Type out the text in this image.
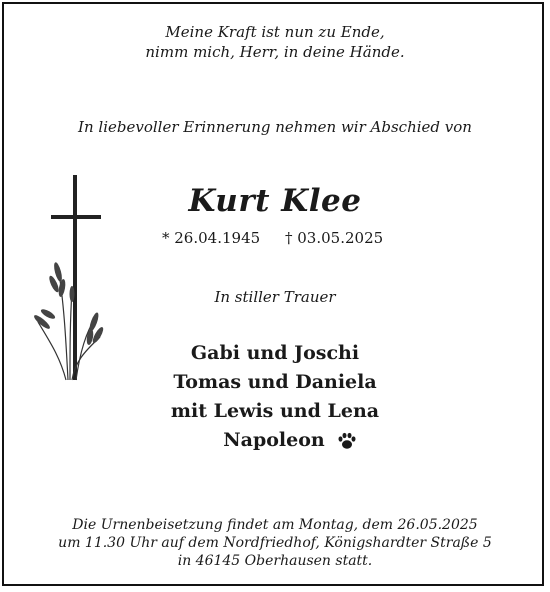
Meine Kraft ist nun zu Ende,
nimm mich, Herr, in deine Hände.
In liebevoller Erinnerung nehmen wir Abschied von
Kurt Klee
* 26.04.1945 † 03.05.2025
In stiller Trauer
Gabi und Joschi
Tomas und Daniela
mit Lewis und Lena
Napoleon
Die Urnenbeisetzung findet am Montag, dem 26.05.2025
um 11.30 Uhr auf dem Nordfriedhof, Königshardter Straße 5
in 46145 Oberhausen statt.
